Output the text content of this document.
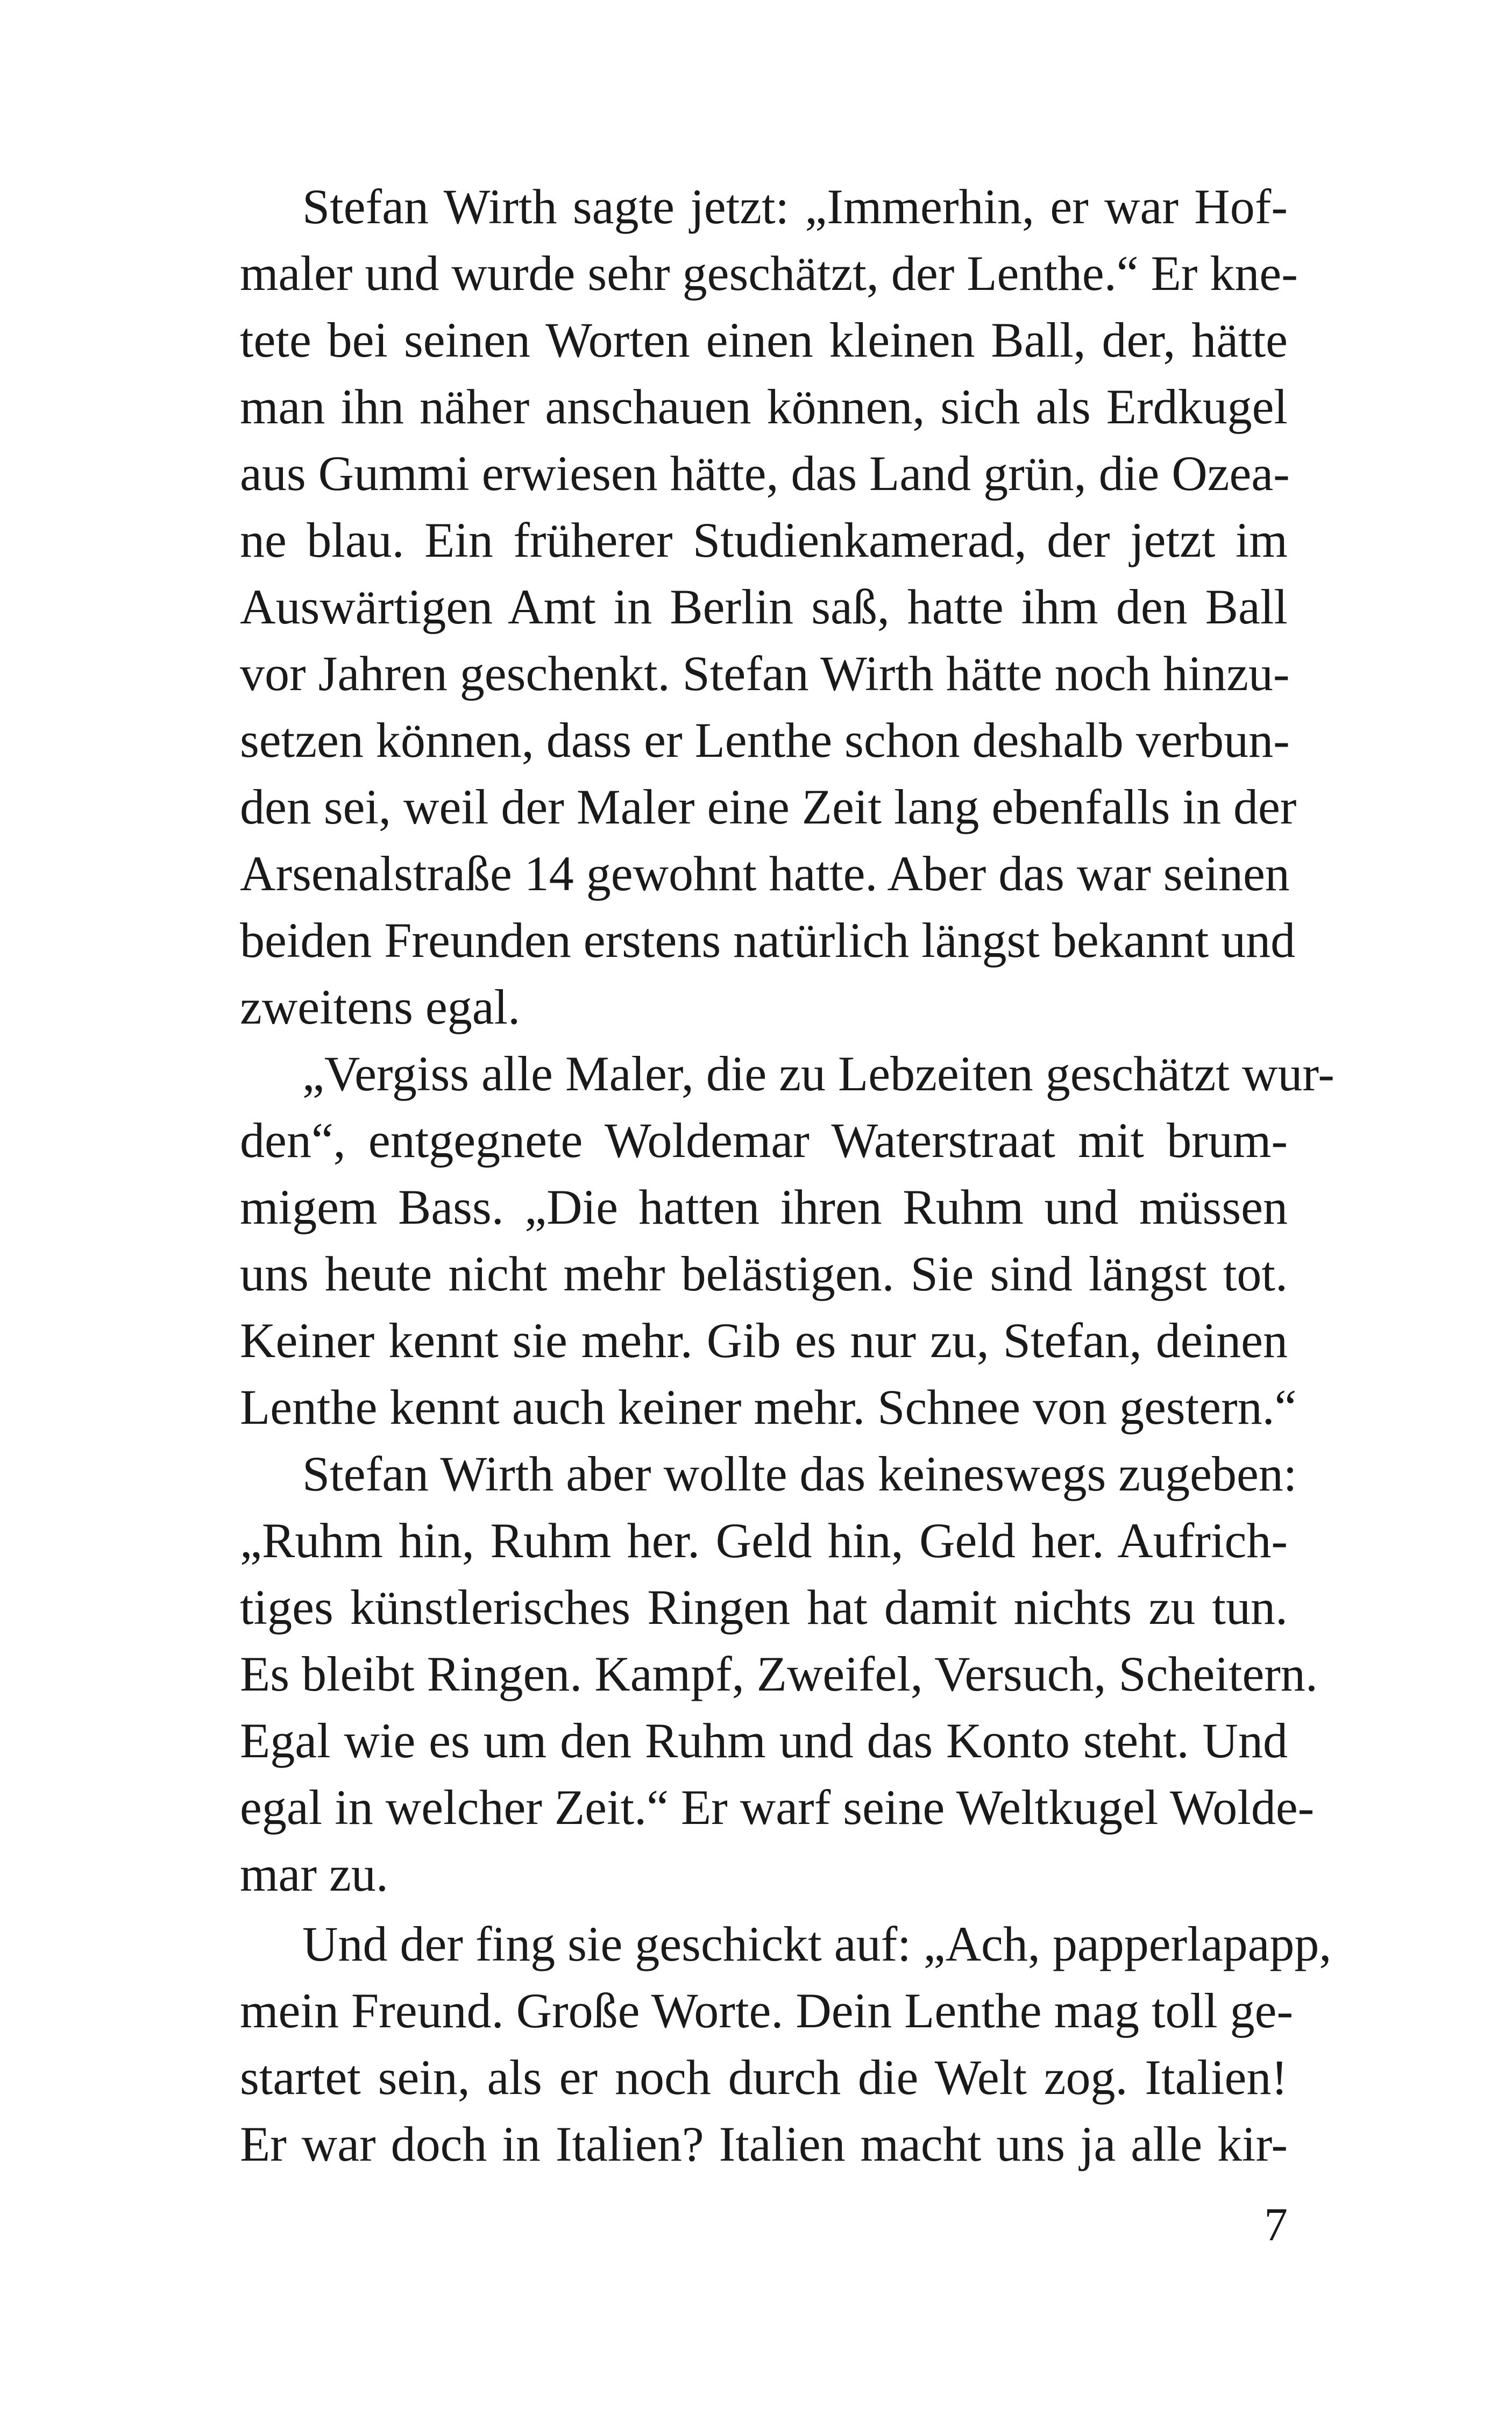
Stefan Wirth sagte jetzt: „Immerhin, er war Hof-
maler und wurde sehr geschätzt, der Lenthe.“ Er kne-
tete bei seinen Worten einen kleinen Ball, der, hätte
man ihn näher anschauen können, sich als Erdkugel
aus Gummi erwiesen hätte, das Land grün, die Ozea-
ne blau. Ein früherer Studienkamerad, der jetzt im
Auswärtigen Amt in Berlin saß, hatte ihm den Ball
vor Jahren geschenkt. Stefan Wirth hätte noch hinzu-
setzen können, dass er Lenthe schon deshalb verbun-
den sei, weil der Maler eine Zeit lang ebenfalls in der
Arsenalstraße 14 gewohnt hatte. Aber das war seinen
beiden Freunden erstens natürlich längst bekannt und
zweitens egal.
„Vergiss alle Maler, die zu Lebzeiten geschätzt wur-
den“, entgegnete Woldemar Waterstraat mit brum-
migem Bass. „Die hatten ihren Ruhm und müssen
uns heute nicht mehr belästigen. Sie sind längst tot.
Keiner kennt sie mehr. Gib es nur zu, Stefan, deinen
Lenthe kennt auch keiner mehr. Schnee von gestern.“
Stefan Wirth aber wollte das keineswegs zugeben:
„Ruhm hin, Ruhm her. Geld hin, Geld her. Aufrich-
tiges künstlerisches Ringen hat damit nichts zu tun.
Es bleibt Ringen. Kampf, Zweifel, Versuch, Scheitern.
Egal wie es um den Ruhm und das Konto steht. Und
egal in welcher Zeit.“ Er warf seine Weltkugel Wolde-
mar zu.
Und der fing sie geschickt auf: „Ach, papperlapapp,
mein Freund. Große Worte. Dein Lenthe mag toll ge-
startet sein, als er noch durch die Welt zog. Italien!
Er war doch in Italien? Italien macht uns ja alle kir-
7
